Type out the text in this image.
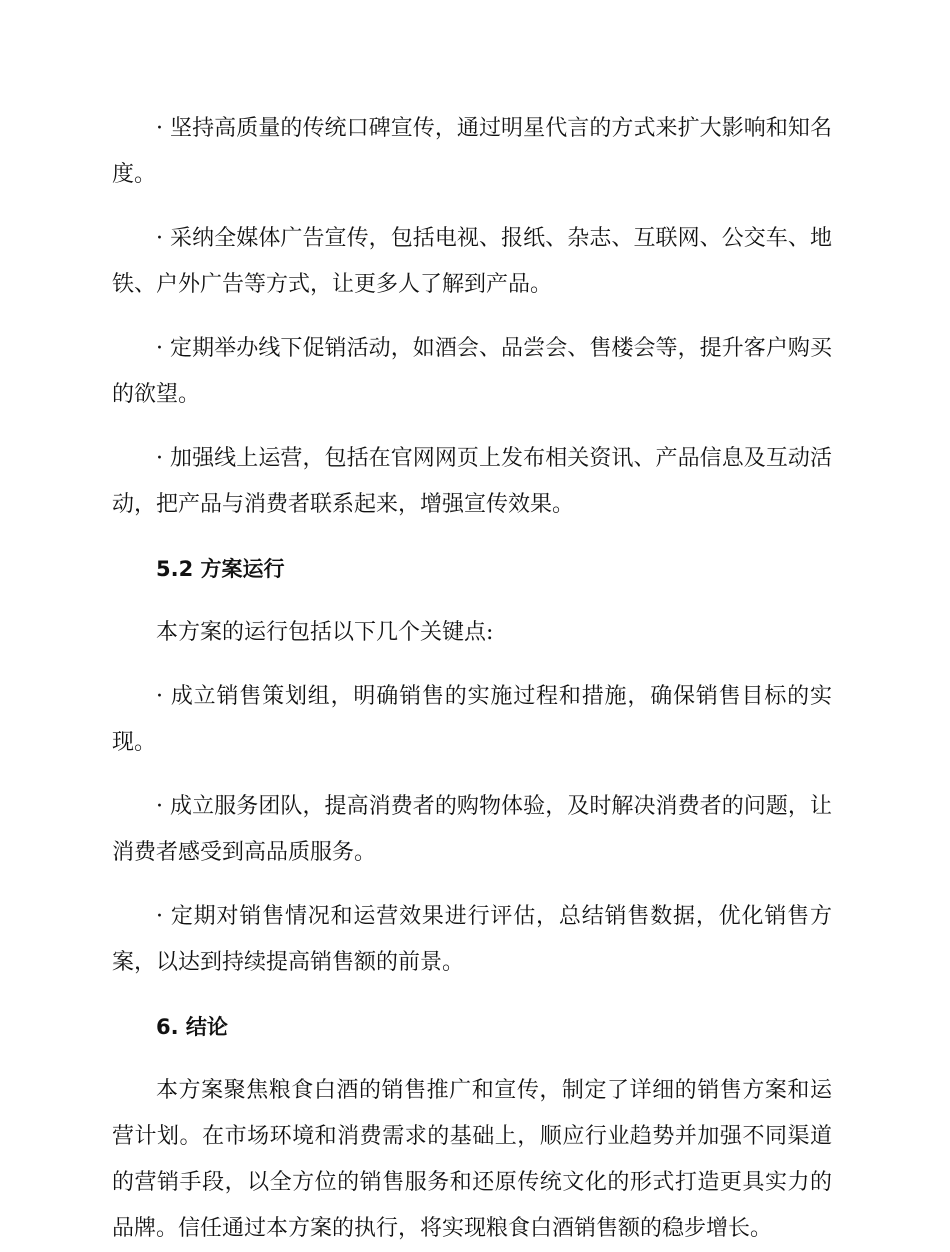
· 坚持高质量的传统口碑宣传，通过明星代言的方式来扩大影响和知名度。

· 采纳全媒体广告宣传，包括电视、报纸、杂志、互联网、公交车、地铁、户外广告等方式，让更多人了解到产品。

· 定期举办线下促销活动，如酒会、品尝会、售楼会等，提升客户购买的欲望。

· 加强线上运营，包括在官网网页上发布相关资讯、产品信息及互动活动，把产品与消费者联系起来，增强宣传效果。

5.2 方案运行

本方案的运行包括以下几个关键点:

· 成立销售策划组，明确销售的实施过程和措施，确保销售目标的实现。

· 成立服务团队，提高消费者的购物体验，及时解决消费者的问题，让消费者感受到高品质服务。

· 定期对销售情况和运营效果进行评估，总结销售数据，优化销售方案，以达到持续提高销售额的前景。

6. 结论

本方案聚焦粮食白酒的销售推广和宣传，制定了详细的销售方案和运营计划。在市场环境和消费需求的基础上，顺应行业趋势并加强不同渠道的营销手段，以全方位的销售服务和还原传统文化的形式打造更具实力的品牌。信任通过本方案的执行，将实现粮食白酒销售额的稳步增长。
